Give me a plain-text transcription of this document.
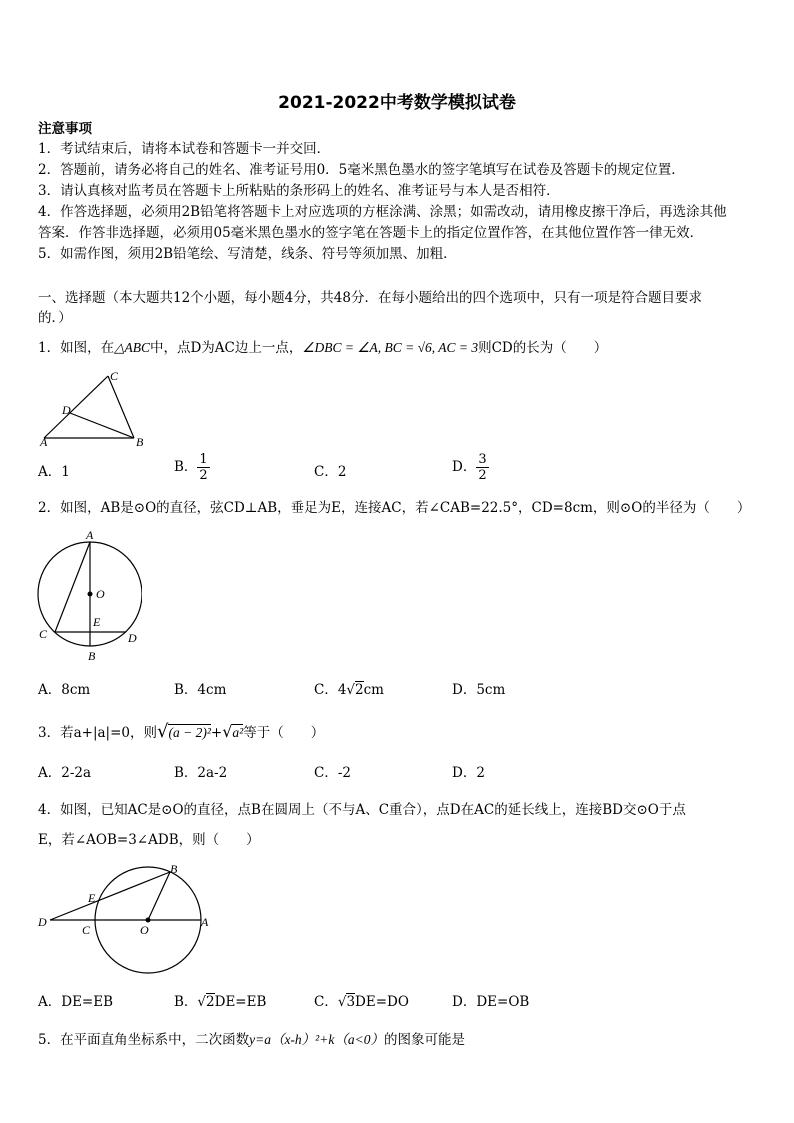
2021-2022中考数学模拟试卷
注意事项
1．考试结束后，请将本试卷和答题卡一并交回．
2．答题前，请务必将自己的姓名、准考证号用0．5毫米黑色墨水的签字笔填写在试卷及答题卡的规定位置．
3．请认真核对监考员在答题卡上所粘贴的条形码上的姓名、准考证号与本人是否相符．
4．作答选择题，必须用2B铅笔将答题卡上对应选项的方框涂满、涂黑；如需改动，请用橡皮擦干净后，再选涂其他
答案．作答非选择题，必须用05毫米黑色墨水的签字笔在答题卡上的指定位置作答，在其他位置作答一律无效．
5．如需作图，须用2B铅笔绘、写清楚，线条、符号等须加黑、加粗．
一、选择题（本大题共12个小题，每小题4分，共48分．在每小题给出的四个选项中，只有一项是符合题目要求
的．）
1．如图，在△ABC中，点D为AC边上一点，∠DBC = ∠A, BC = √6, AC = 3则CD的长为（　　）
C
D
A	B
A．1	B． $\frac{1}{2}$	C．2	D． $\frac{3}{2}$
2．如图，AB是⊙O的直径，弦CD⊥AB，垂足为E，连接AC，若∠CAB=22.5°，CD=8cm，则⊙O的半径为（　　）
A
O
E
C	D
B
A．8cm	B．4cm	C．4√2cm	D．5cm
3．若a+|a|=0，则√(a − 2)²+√a²等于（　　）
A．2-2a	B．2a-2	C．-2	D．2
4．如图，已知AC是⊙O的直径，点B在圆周上（不与A、C重合），点D在AC的延长线上，连接BD交⊙O于点
E，若∠AOB=3∠ADB，则（　　）
B
E
D
C	O
A
A．DE=EB	B．√2DE=EB	C．√3DE=DO	D．DE=OB
5．在平面直角坐标系中，二次函数y=a（x-h）²+k（a<0）的图象可能是
